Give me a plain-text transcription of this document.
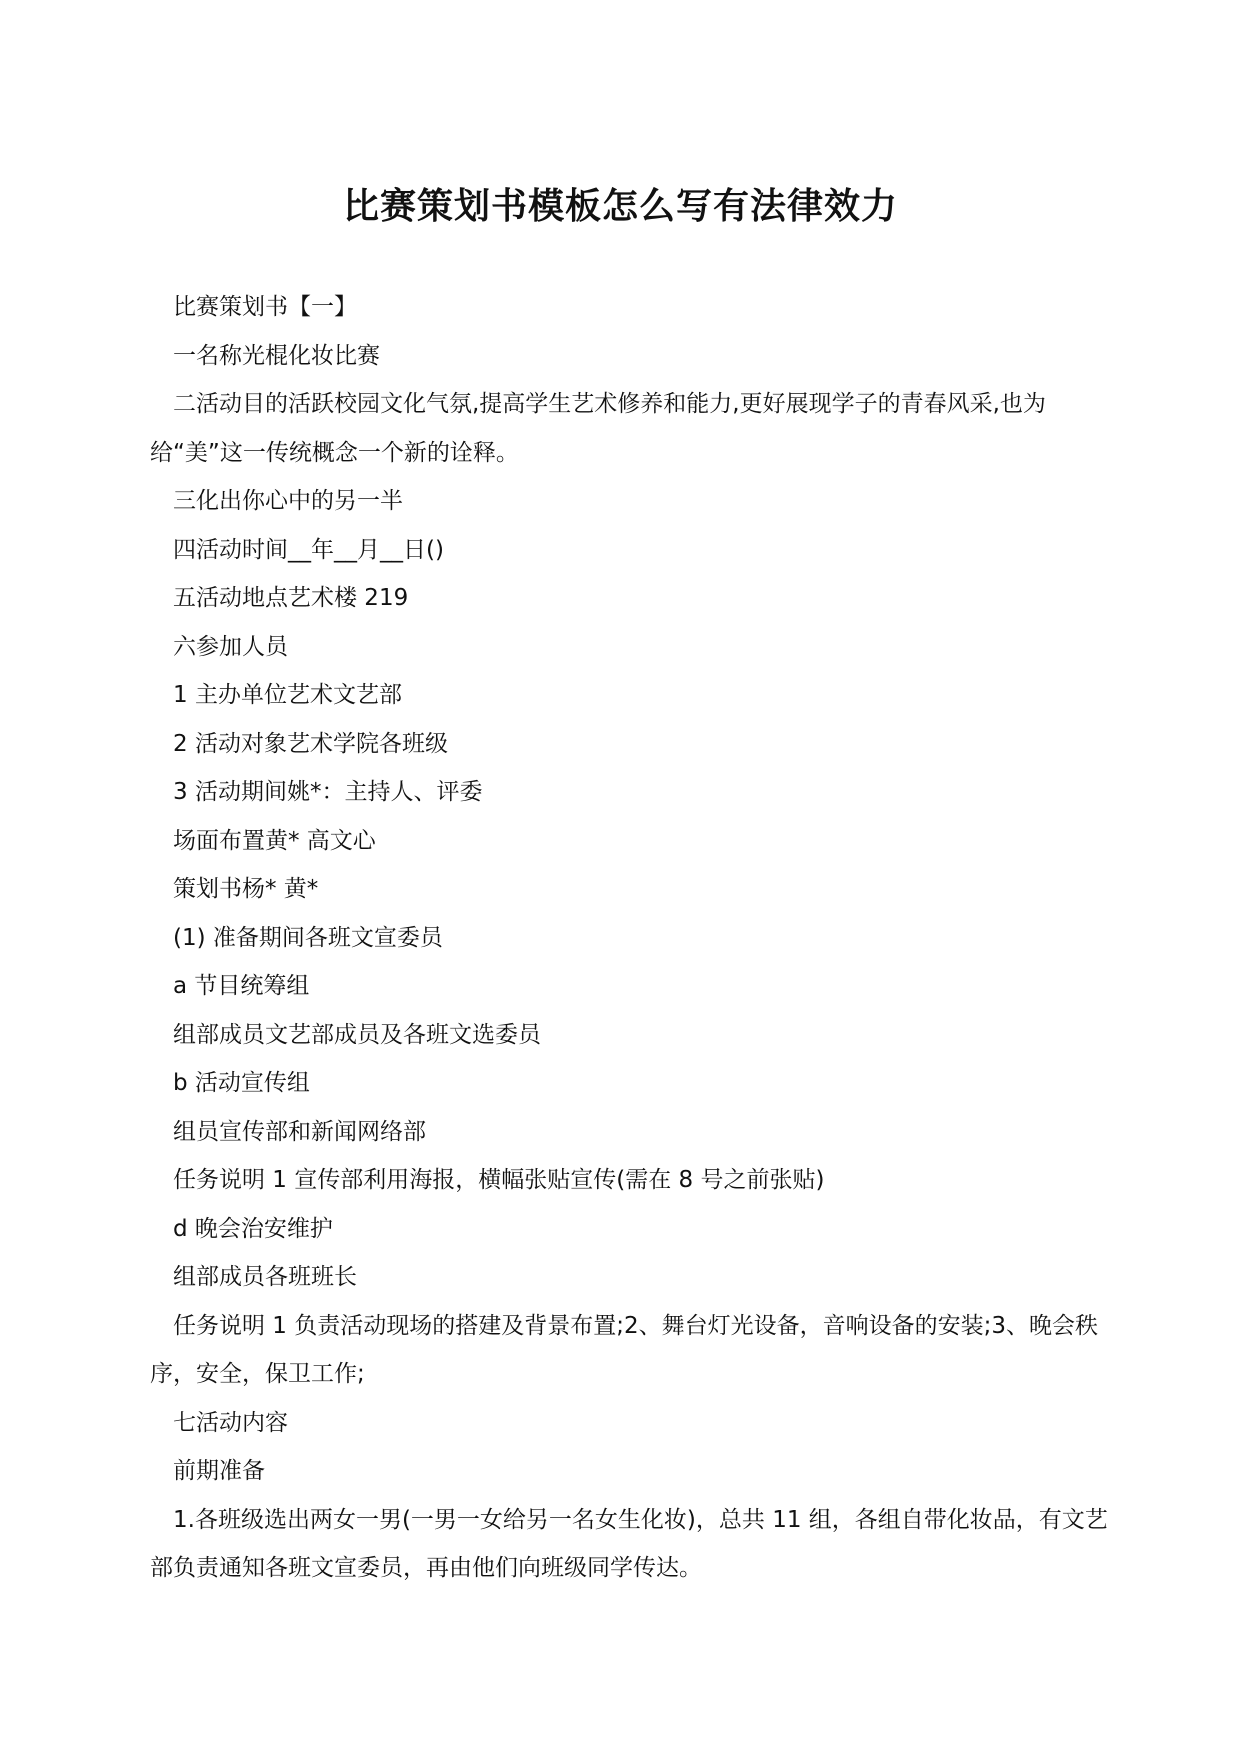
比赛策划书模板怎么写有法律效力

比赛策划书【一】

一名称光棍化妆比赛

二活动目的活跃校园文化气氛,提高学生艺术修养和能力,更好展现学子的青春风采,也为给“美”这一传统概念一个新的诠释。

三化出你心中的另一半

四活动时间__年__月__日()

五活动地点艺术楼 219

六参加人员

1 主办单位艺术文艺部

2 活动对象艺术学院各班级

3 活动期间姚*：主持人、评委

场面布置黄* 高文心

策划书杨* 黄*

(1) 准备期间各班文宣委员

a 节目统筹组

组部成员文艺部成员及各班文选委员

b 活动宣传组

组员宣传部和新闻网络部

任务说明 1 宣传部利用海报，横幅张贴宣传(需在 8 号之前张贴)

d 晚会治安维护

组部成员各班班长

任务说明 1 负责活动现场的搭建及背景布置;2、舞台灯光设备，音响设备的安装;3、晚会秩序，安全，保卫工作;

七活动内容

前期准备

1.各班级选出两女一男(一男一女给另一名女生化妆)，总共 11 组，各组自带化妆品，有文艺部负责通知各班文宣委员，再由他们向班级同学传达。
